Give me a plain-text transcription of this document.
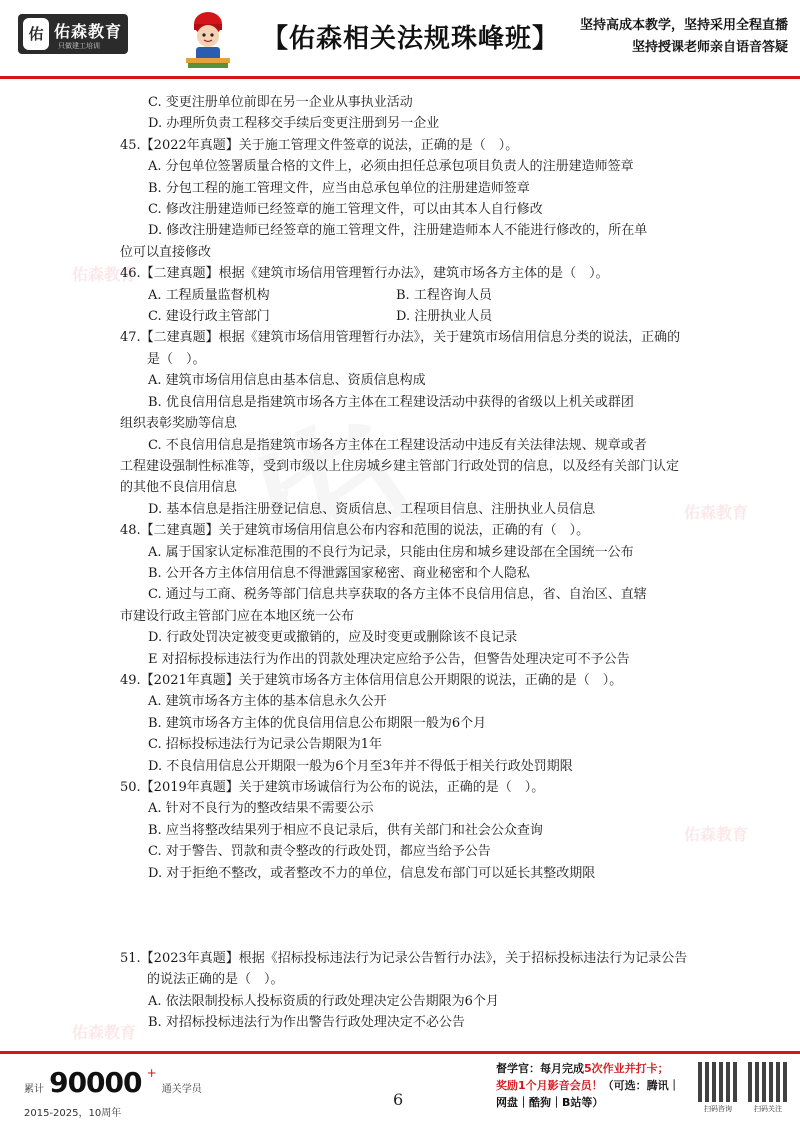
佑 佑森教育
只做建工培训	【佑森相关法规珠峰班】 坚持高成本教学，坚持采用全程直播
坚持授课老师亲自语音答疑
佑森教育
佑森教育
佑森教育
佑森教育

C. 变更注册单位前即在另一企业从事执业活动

D. 办理所负责工程移交手续后变更注册到另一企业

45.【2022年真题】关于施工管理文件签章的说法，正确的是（　）。

A. 分包单位签署质量合格的文件上，必须由担任总承包项目负责人的注册建造师签章

B. 分包工程的施工管理文件，应当由总承包单位的注册建造师签章

C. 修改注册建造师已经签章的施工管理文件，可以由其本人自行修改

D. 修改注册建造师已经签章的施工管理文件，注册建造师本人不能进行修改的，所在单

位可以直接修改

46.【二建真题】根据《建筑市场信用管理暂行办法》，建筑市场各方主体的是（　）。

A. 工程质量监督机构	B. 工程咨询人员
C. 建设行政主管部门	D. 注册执业人员

47.【二建真题】根据《建筑市场信用管理暂行办法》，关于建筑市场信用信息分类的说法，正确的是（　）。

A. 建筑市场信用信息由基本信息、资质信息构成

B. 优良信用信息是指建筑市场各方主体在工程建设活动中获得的省级以上机关或群团

组织表彰奖励等信息

C. 不良信用信息是指建筑市场各方主体在工程建设活动中违反有关法律法规、规章或者

工程建设强制性标准等，受到市级以上住房城乡建主管部门行政处罚的信息，以及经有关部门认定的其他不良信用信息

D. 基本信息是指注册登记信息、资质信息、工程项目信息、注册执业人员信息

48.【二建真题】关于建筑市场信用信息公布内容和范围的说法，正确的有（　）。

A. 属于国家认定标准范围的不良行为记录，只能由住房和城乡建设部在全国统一公布

B. 公开各方主体信用信息不得泄露国家秘密、商业秘密和个人隐私

C. 通过与工商、税务等部门信息共享获取的各方主体不良信用信息，省、自治区、直辖

市建设行政主管部门应在本地区统一公布

D. 行政处罚决定被变更或撤销的，应及时变更或删除该不良记录

E 对招标投标违法行为作出的罚款处理决定应给予公告，但警告处理决定可不予公告

49.【2021年真题】关于建筑市场各方主体信用信息公开期限的说法，正确的是（　）。

A. 建筑市场各方主体的基本信息永久公开

B. 建筑市场各方主体的优良信用信息公布期限一般为6个月

C. 招标投标违法行为记录公告期限为1年

D. 不良信用信息公开期限一般为6个月至3年并不得低于相关行政处罚期限

50.【2019年真题】关于建筑市场诚信行为公布的说法，正确的是（　）。

A. 针对不良行为的整改结果不需要公示

B. 应当将整改结果列于相应不良记录后，供有关部门和社会公众查询

C. 对于警告、罚款和责令整改的行政处罚，都应当给予公告

D. 对于拒绝不整改，或者整改不力的单位，信息发布部门可以延长其整改期限

51.【2023年真题】根据《招标投标违法行为记录公告暂行办法》，关于招标投标违法行为记录公告的说法正确的是（　）。

A. 依法限制投标人投标资质的行政处理决定公告期限为6个月

B. 对招标投标违法行为作出警告行政处理决定不必公告

累计 90000 + 通关学员
2015-2025，10周年
6
督学官：每月完成5次作业并打卡；
奖励1个月影音会员！（可选：腾讯｜
网盘｜酷狗｜B站等）	扫码咨询	扫码关注
